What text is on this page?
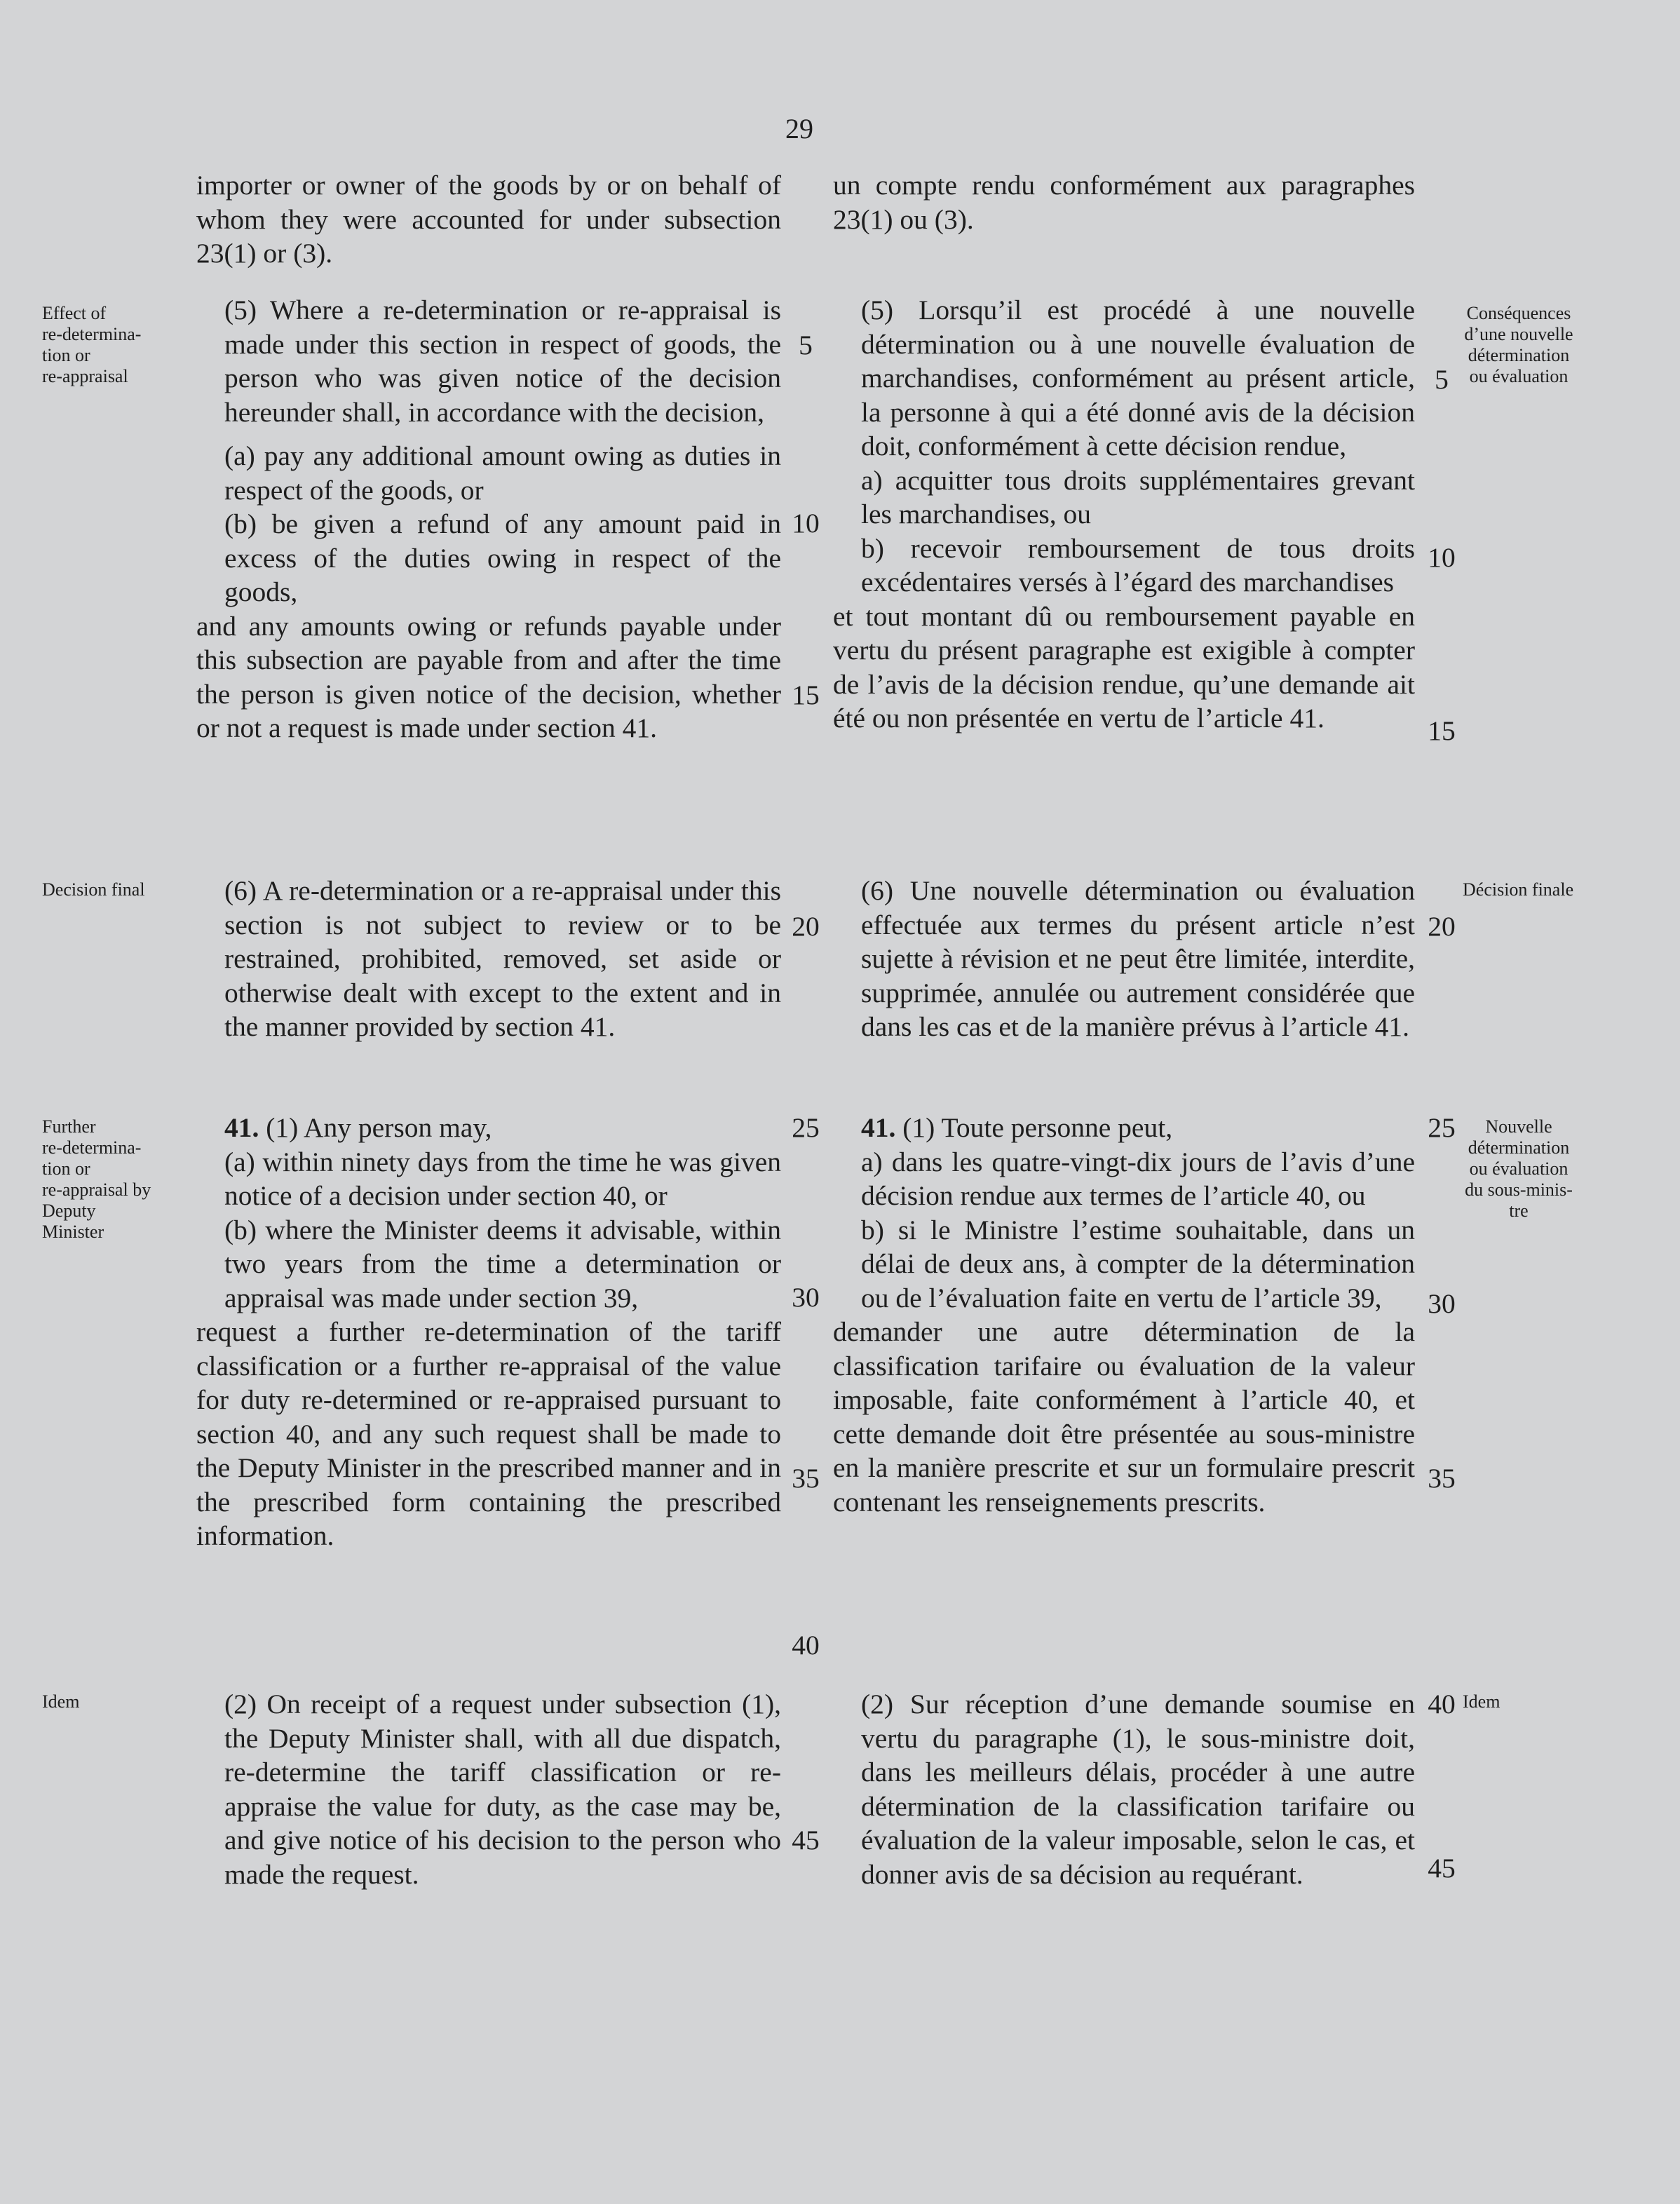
29

importer or owner of the goods by or on behalf of whom they were accounted for under subsection 23(1) or (3).

(5) Where a re-determination or re-appraisal is made under this section in respect of goods, the person who was given notice of the decision hereunder shall, in accordance with the decision,

(a) pay any additional amount owing as duties in respect of the goods, or

(b) be given a refund of any amount paid in excess of the duties owing in respect of the goods,

and any amounts owing or refunds payable under this subsection are payable from and after the time the person is given notice of the decision, whether or not a request is made under section 41.

(6) A re-determination or a re-appraisal under this section is not subject to review or to be restrained, prohibited, removed, set aside or otherwise dealt with except to the extent and in the manner provided by section 41.

41. (1) Any person may,

(a) within ninety days from the time he was given notice of a decision under section 40, or

(b) where the Minister deems it advisable, within two years from the time a determination or appraisal was made under section 39,

request a further re-determination of the tariff classification or a further re-appraisal of the value for duty re-determined or re-appraised pursuant to section 40, and any such request shall be made to the Deputy Minister in the prescribed manner and in the prescribed form containing the prescribed information.

(2) On receipt of a request under subsection (1), the Deputy Minister shall, with all due dispatch, re-determine the tariff classification or re-appraise the value for duty, as the case may be, and give notice of his decision to the person who made the request.

un compte rendu conformément aux paragraphes 23(1) ou (3).

(5) Lorsqu’il est procédé à une nouvelle détermination ou à une nouvelle évaluation de marchandises, conformément au présent article, la personne à qui a été donné avis de la décision doit, conformément à cette décision rendue,

a) acquitter tous droits supplémentaires grevant les marchandises, ou

b) recevoir remboursement de tous droits excédentaires versés à l’égard des marchandises

et tout montant dû ou remboursement payable en vertu du présent paragraphe est exigible à compter de l’avis de la décision rendue, qu’une demande ait été ou non présentée en vertu de l’article 41.

(6) Une nouvelle détermination ou évaluation effectuée aux termes du présent article n’est sujette à révision et ne peut être limitée, interdite, supprimée, annulée ou autrement considérée que dans les cas et de la manière prévus à l’article 41.

41. (1) Toute personne peut,

a) dans les quatre-vingt-dix jours de l’avis d’une décision rendue aux termes de l’article 40, ou

b) si le Ministre l’estime souhaitable, dans un délai de deux ans, à compter de la détermination ou de l’évaluation faite en vertu de l’article 39,

demander une autre détermination de la classification tarifaire ou évaluation de la valeur imposable, faite conformément à l’article 40, et cette demande doit être présentée au sous-ministre en la manière prescrite et sur un formulaire prescrit contenant les renseignements prescrits.

(2) Sur réception d’une demande soumise en vertu du paragraphe (1), le sous-ministre doit, dans les meilleurs délais, procéder à une autre détermination de la classification tarifaire ou évaluation de la valeur imposable, selon le cas, et donner avis de sa décision au requérant.

Effect of
re-determina-
tion or
re-appraisal
Decision final
Further
re-determina-
tion or
re-appraisal by
Deputy
Minister
Idem
Conséquences
d’une nouvelle
détermination
ou évaluation
Décision finale
Nouvelle
détermination
ou évaluation
du sous-minis-
tre
Idem
5
10
15
20
25
30
35
40
45
5
10
15
20
25
30
35
40
45
